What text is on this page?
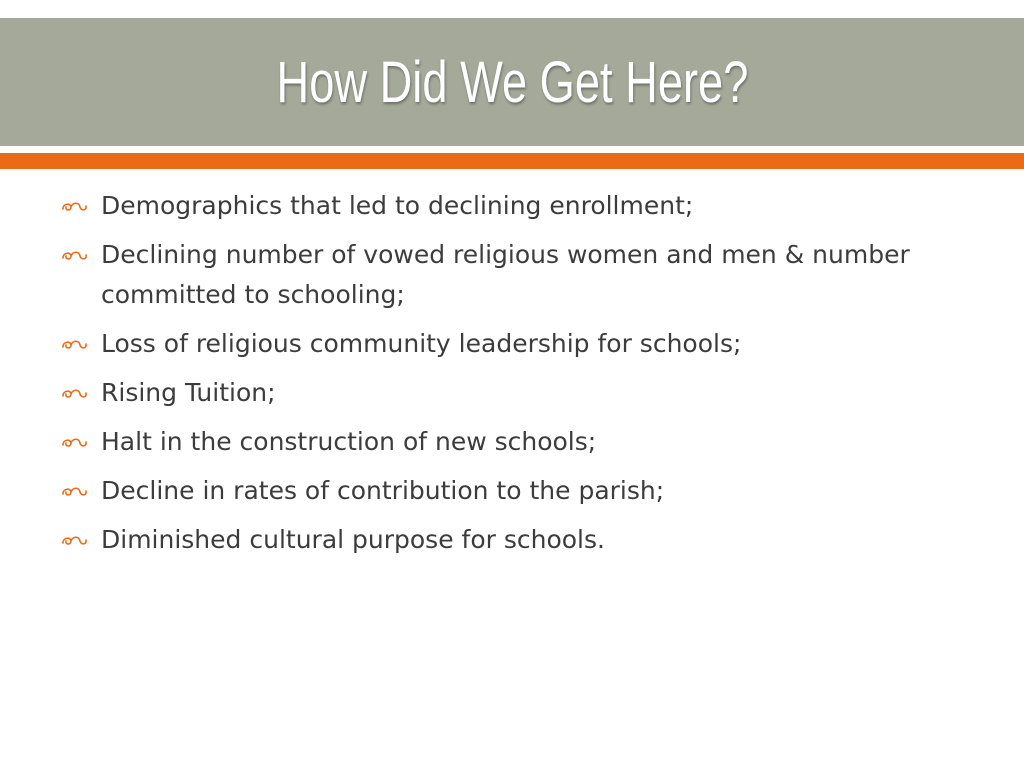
How Did We Get Here?
Demographics that led to declining enrollment;
Declining number of vowed religious women and men & number committed to schooling;
Loss of religious community leadership for schools;
Rising Tuition;
Halt in the construction of new schools;
Decline in rates of contribution to the parish;
Diminished cultural purpose for schools.
